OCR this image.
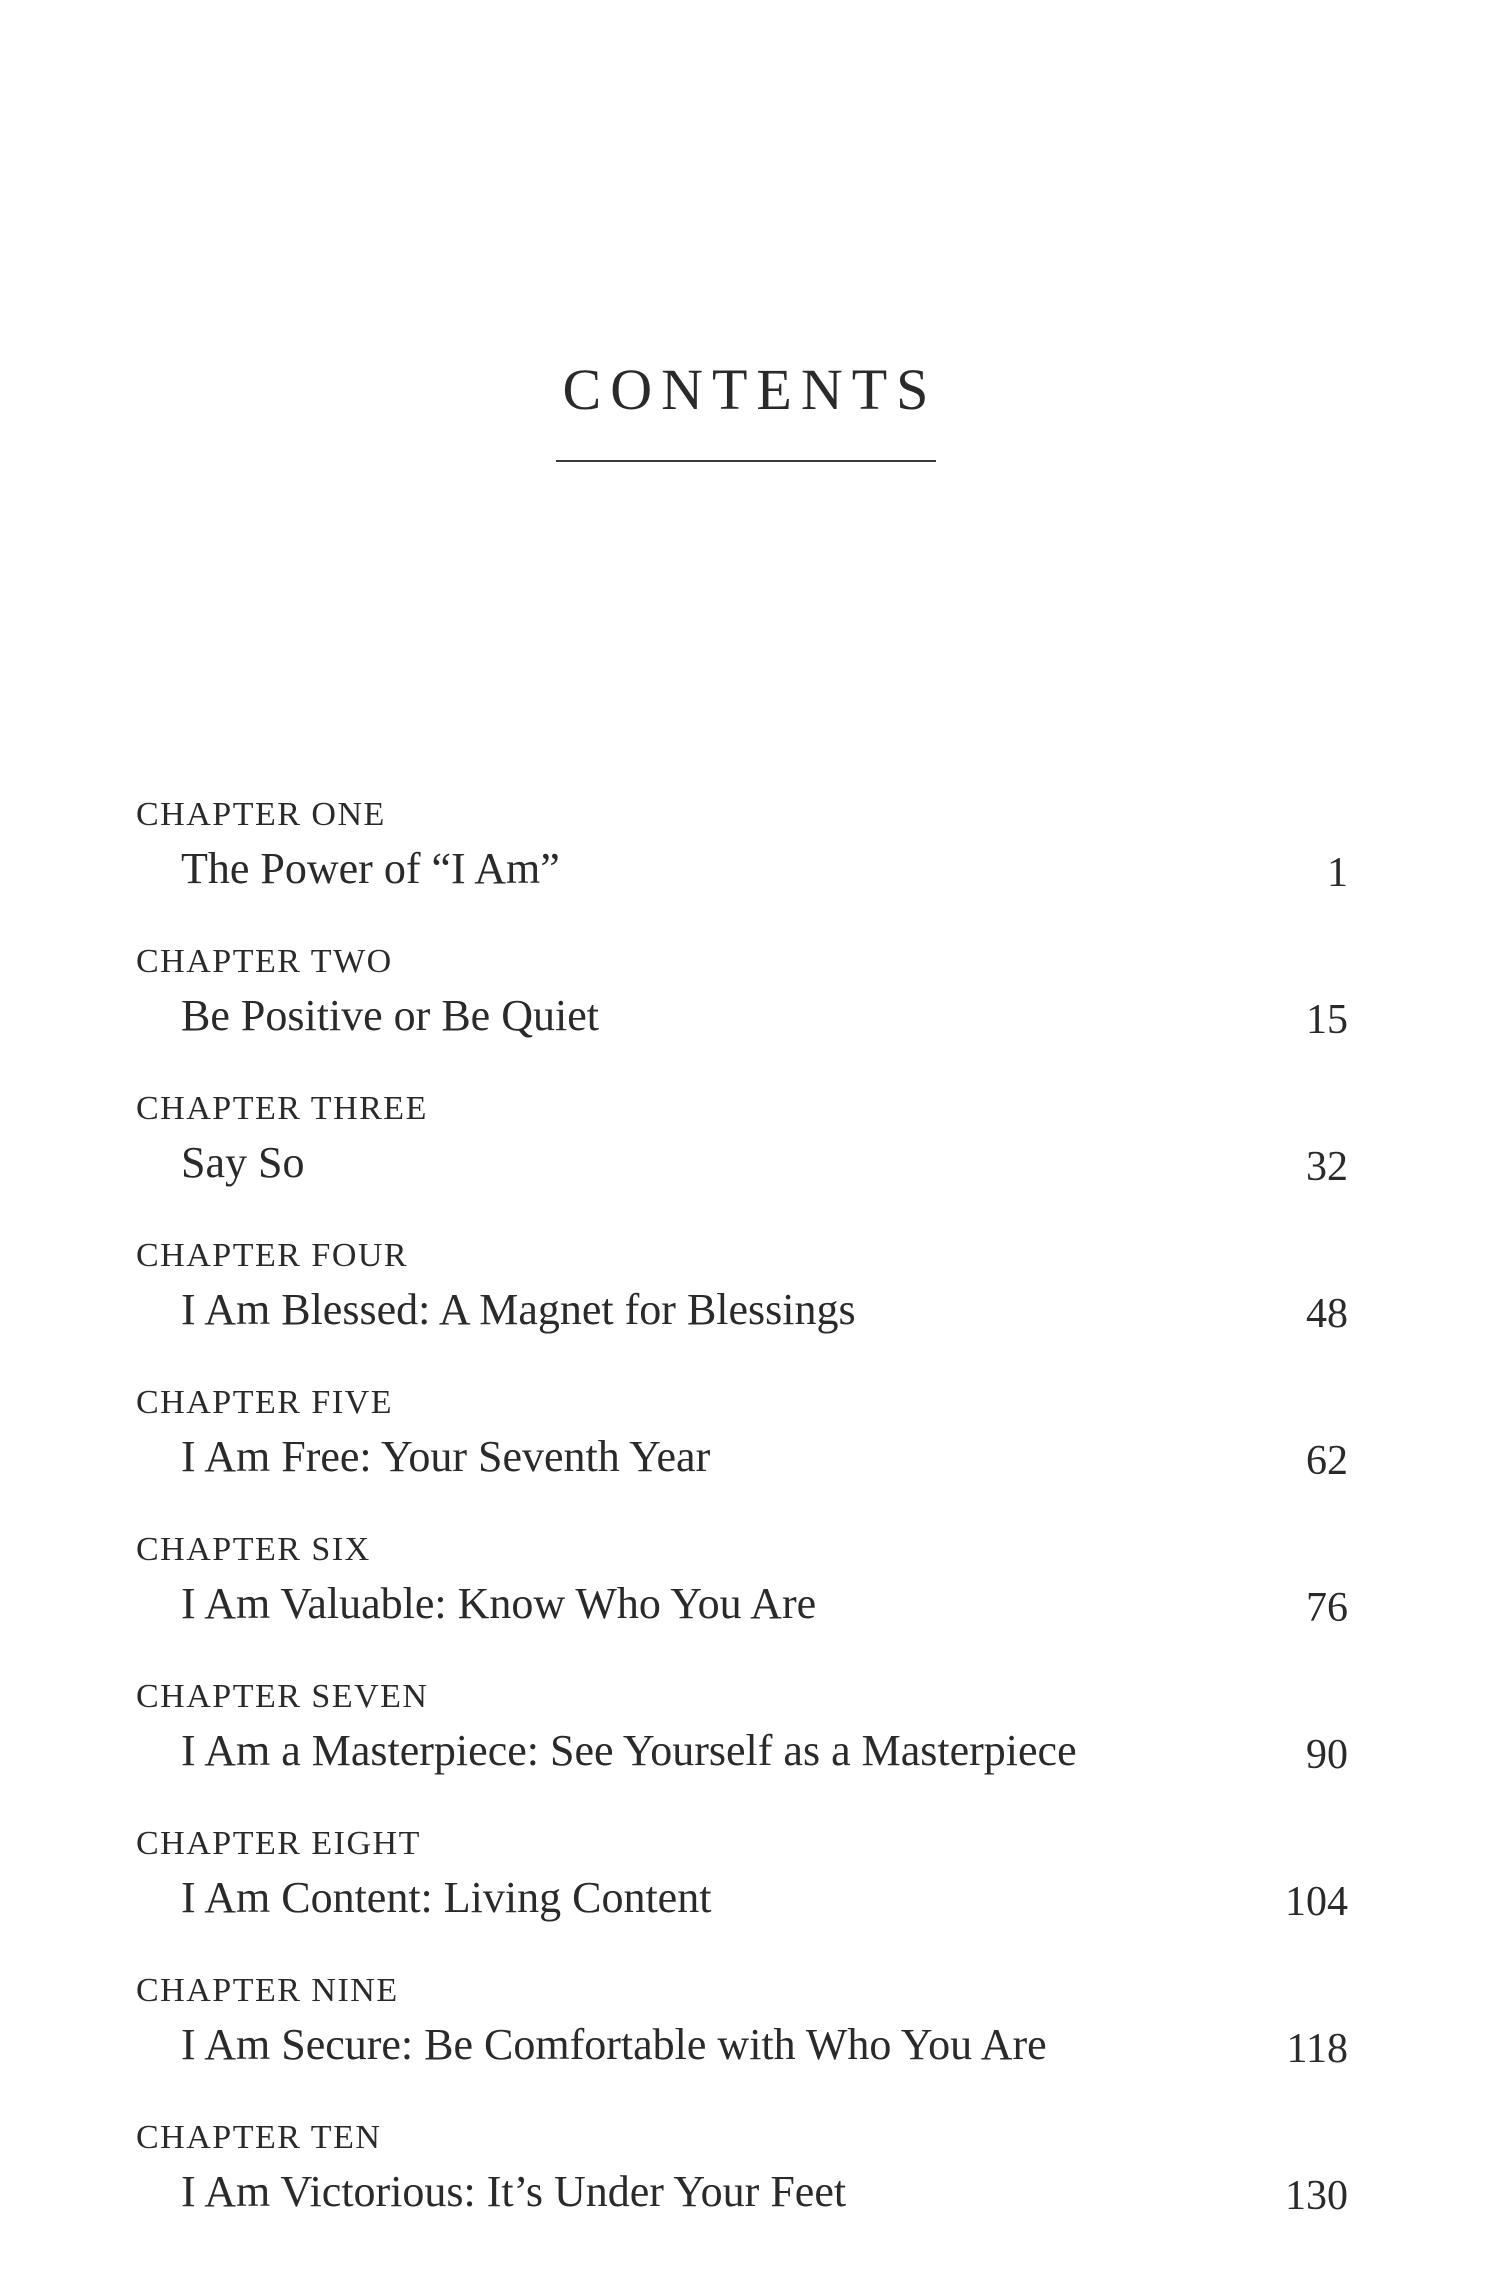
CONTENTS
CHAPTER ONE
The Power of “I Am”	1
CHAPTER TWO
Be Positive or Be Quiet	15
CHAPTER THREE
Say So	32
CHAPTER FOUR
I Am Blessed: A Magnet for Blessings	48
CHAPTER FIVE
I Am Free: Your Seventh Year	62
CHAPTER SIX
I Am Valuable: Know Who You Are	76
CHAPTER SEVEN
I Am a Masterpiece: See Yourself as a Masterpiece	90
CHAPTER EIGHT
I Am Content: Living Content	104
CHAPTER NINE
I Am Secure: Be Comfortable with Who You Are	118
CHAPTER TEN
I Am Victorious: It’s Under Your Feet	130
